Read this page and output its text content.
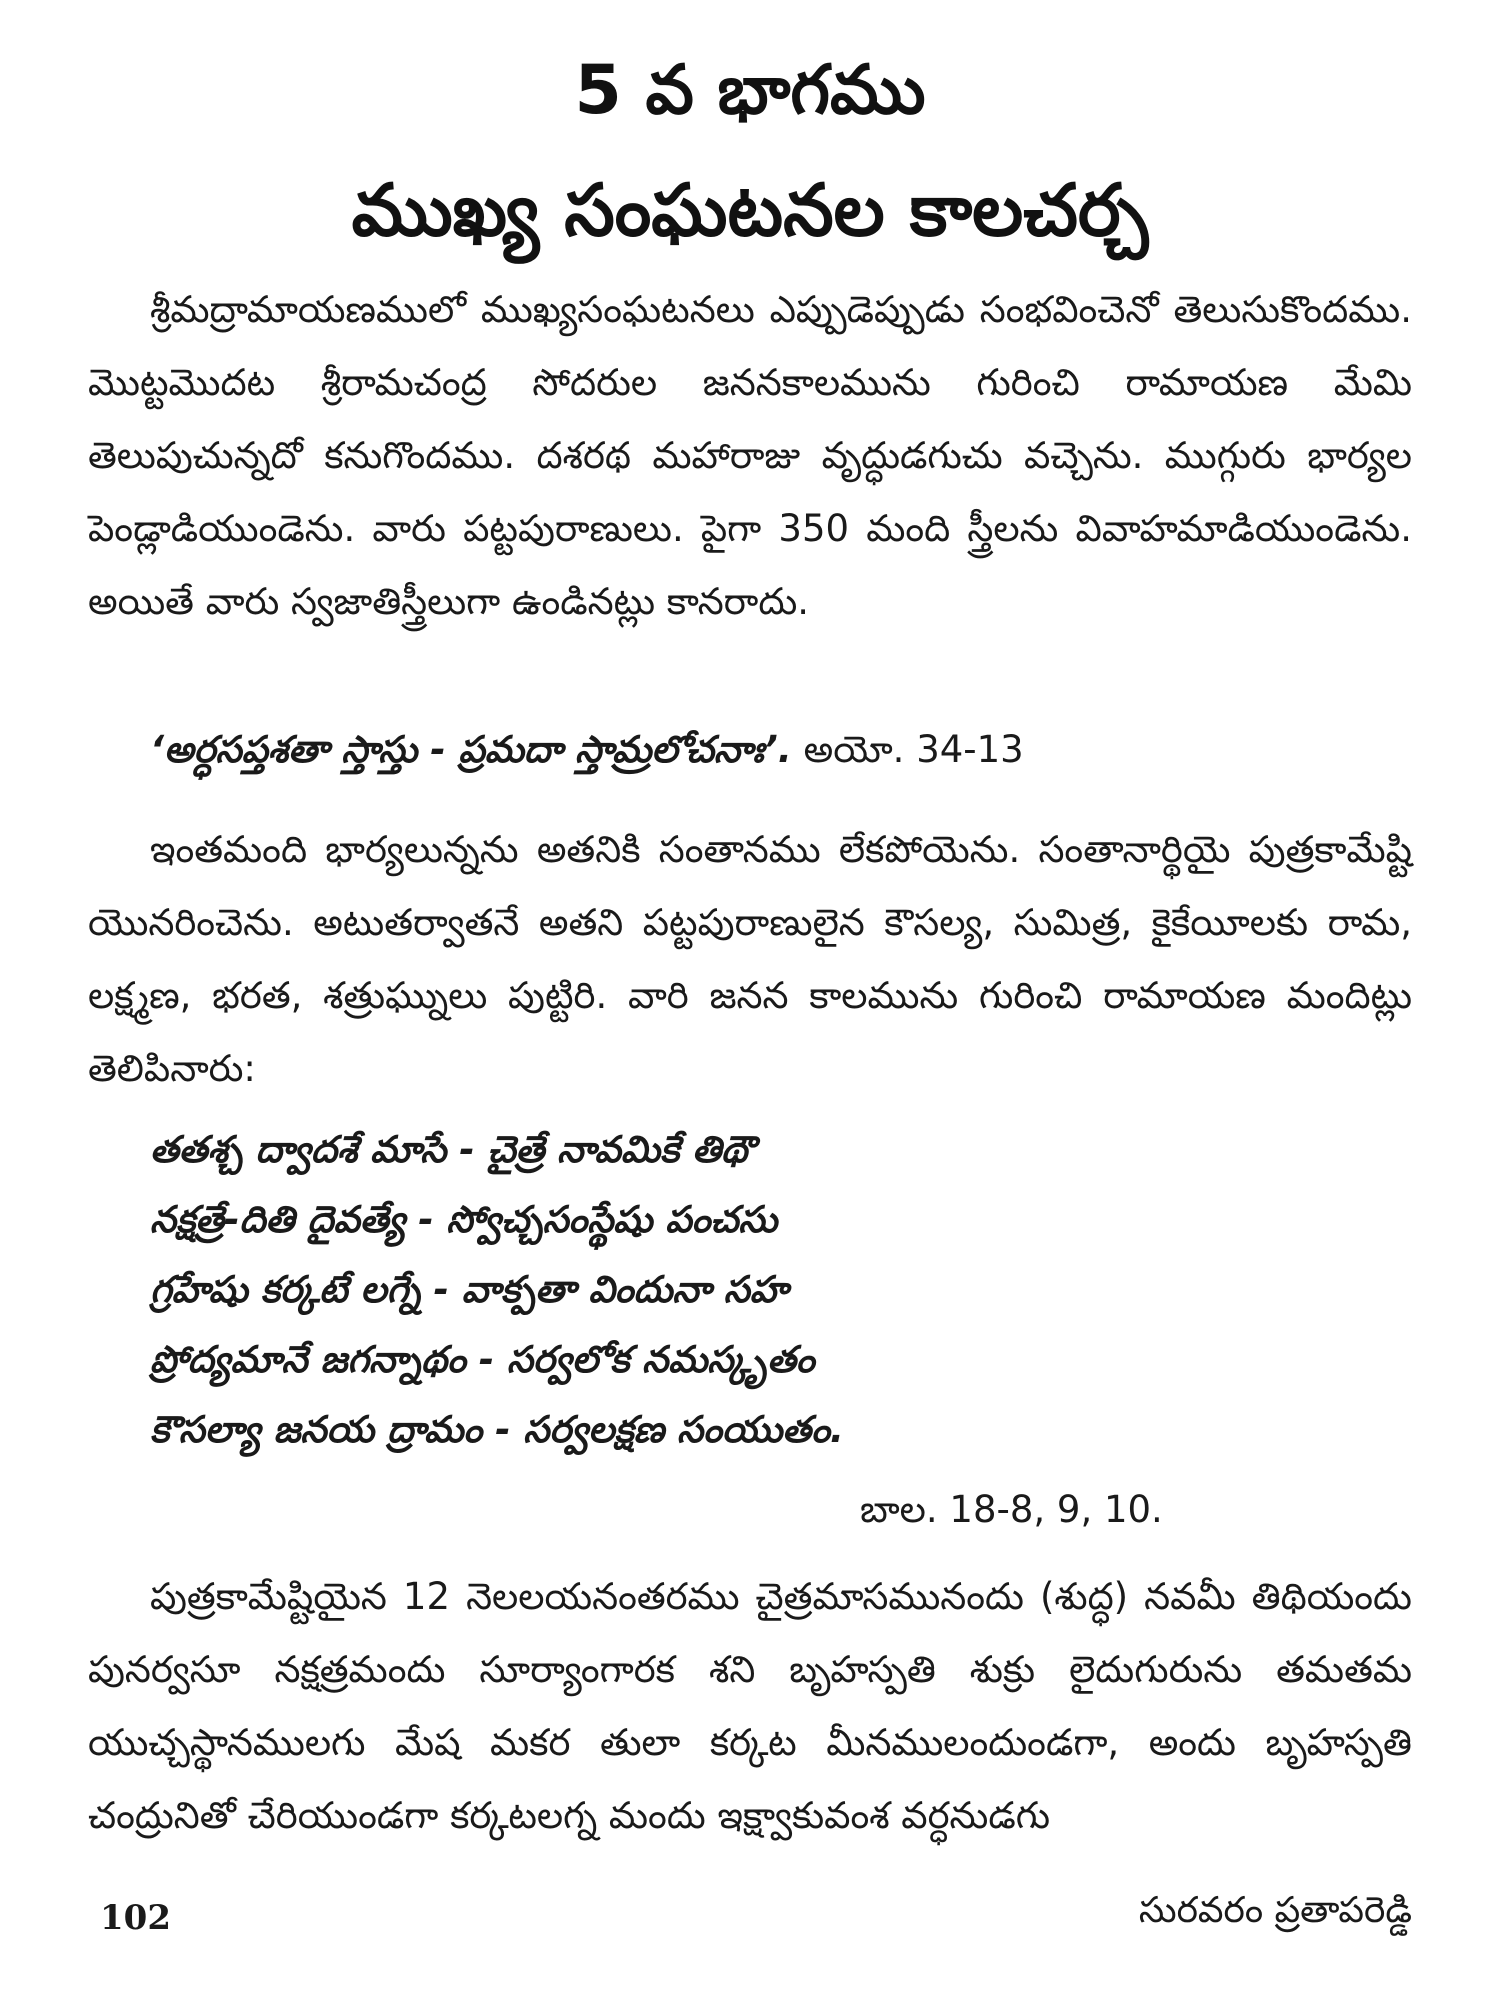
5 వ భాగము
ముఖ్య సంఘటనల కాలచర్చ

శ్రీమద్రామాయణములో ముఖ్యసంఘటనలు ఎప్పుడెప్పుడు సంభవించెనో తెలుసుకొందము. మొట్టమొదట శ్రీరామచంద్ర సోదరుల జననకాలమును గురించి రామాయణ మేమి తెలుపుచున్నదో కనుగొందము. దశరథ మహారాజు వృద్ధుడగుచు వచ్చెను. ముగ్గురు భార్యల పెండ్లాడియుండెను. వారు పట్టపురాణులు. పైగా 350 మంది స్త్రీలను వివాహమాడియుండెను. అయితే వారు స్వజాతిస్త్రీలుగా ఉండినట్లు కానరాదు.

‘అర్ధసప్తశతా స్తాస్తు - ప్రమదా స్తామ్రలోచనాః’. అయో. 34-13

ఇంతమంది భార్యలున్నను అతనికి సంతానము లేకపోయెను. సంతానార్థియై పుత్రకామేష్టి యొనరించెను. అటుతర్వాతనే అతని పట్టపురాణులైన కౌసల్య, సుమిత్ర, కైకేయీలకు రామ, లక్ష్మణ, భరత, శత్రుఘ్నులు పుట్టిరి. వారి జనన కాలమును గురించి రామాయణ మందిట్లు తెలిపినారు:

తతశ్చ ద్వాదశే మాసే - చైత్రే నావమికే తిథౌ
నక్షత్రే-దితి దైవత్యే - స్వోచ్చసంస్థేషు పంచసు
గ్రహేషు కర్కటే లగ్నే - వాక్పతా విందునా సహ
ప్రోద్యమానే జగన్నాథం - సర్వలోక నమస్కృతం
కౌసల్యా జనయ ద్రామం - సర్వలక్షణ సంయుతం.
బాల. 18-8, 9, 10.

పుత్రకామేష్టియైన 12 నెలలయనంతరము చైత్రమాసమునందు (శుద్ధ) నవమీ తిథియందు పునర్వసూ నక్షత్రమందు సూర్యాంగారక శని బృహస్పతి శుక్రు లైదుగురును తమతమ యుచ్చస్థానములగు మేష మకర తులా కర్కట మీనములందుండగా, అందు బృహస్పతి చంద్రునితో చేరియుండగా కర్కటలగ్న మందు ఇక్ష్వాకువంశ వర్ధనుడగు

102	సురవరం ప్రతాపరెడ్డి
